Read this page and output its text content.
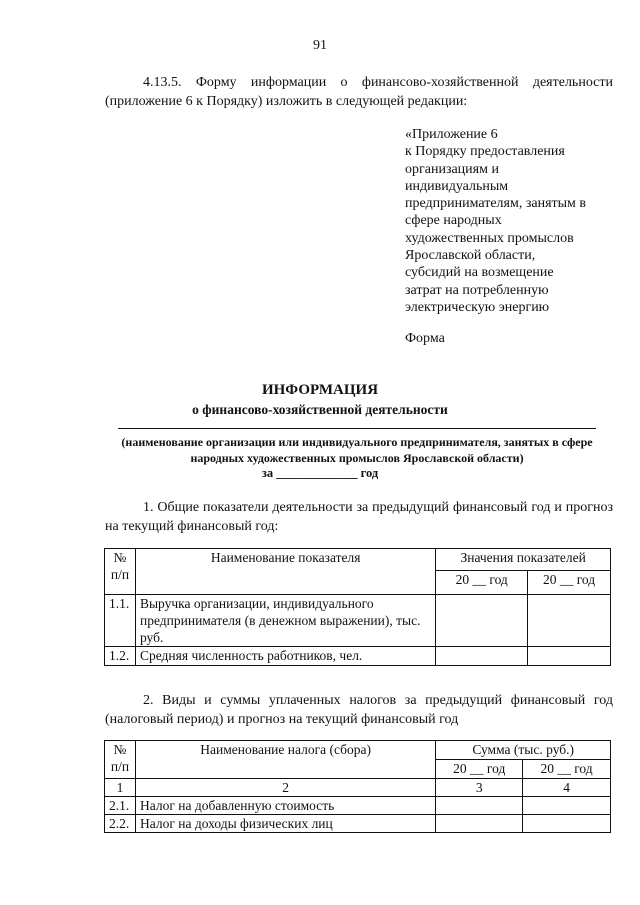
91
4.13.5. Форму информации о финансово-хозяйственной деятельности (приложение 6 к Порядку) изложить в следующей редакции:
«Приложение 6
к Порядку предоставления
организациям и
индивидуальным
предпринимателям, занятым в
сфере народных
художественных промыслов
Ярославской области,
субсидий на возмещение
затрат на потребленную
электрическую энергию
Форма
ИНФОРМАЦИЯ
о финансово-хозяйственной деятельности
(наименование организации или индивидуального предпринимателя, занятых в сфере народных художественных промыслов Ярославской области)
за _____________ год
1. Общие показатели деятельности за предыдущий финансовый год и прогноз на текущий финансовый год:
№ п/п	Наименование показателя	Значения показателей	
		20 __ год	20 __ год
1.1.	Выручка организации, индивидуального предпринимателя (в денежном выражении), тыс. руб.		
1.2.	Средняя численность работников, чел.		
2. Виды и суммы уплаченных налогов за предыдущий финансовый год (налоговый период) и прогноз на текущий финансовый год
№ п/п	Наименование налога (сбора)	Сумма (тыс. руб.)	
		20 __ год	20 __ год
1	2	3	4
2.1.	Налог на добавленную стоимость		
2.2.	Налог на доходы физических лиц		
